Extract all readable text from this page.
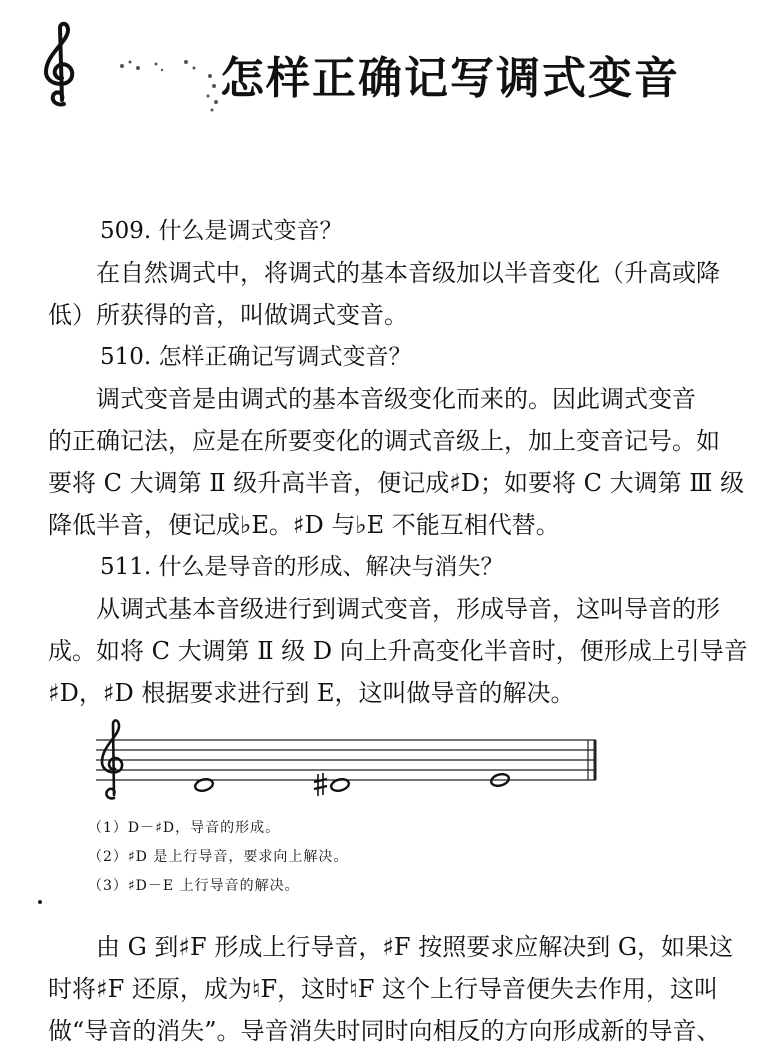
怎样正确记写调式变音

509. 什么是调式变音？

在自然调式中，将调式的基本音级加以半音变化（升高或降
低）所获得的音，叫做调式变音。

510. 怎样正确记写调式变音？

调式变音是由调式的基本音级变化而来的。因此调式变音
的正确记法，应是在所要变化的调式音级上，加上变音记号。如
要将 C 大调第 Ⅱ 级升高半音，便记成♯D；如要将 C 大调第 Ⅲ 级
降低半音，便记成♭E。♯D 与♭E 不能互相代替。

511. 什么是导音的形成、解决与消失？

从调式基本音级进行到调式变音，形成导音，这叫导音的形
成。如将 C 大调第 Ⅱ 级 D 向上升高变化半音时，便形成上引导音
♯D，♯D 根据要求进行到 E，这叫做导音的解决。

（1）D－♯D，导音的形成。
（2）♯D 是上行导音，要求向上解决。
（3）♯D－E 上行导音的解决。

由 G 到♯F 形成上行导音，♯F 按照要求应解决到 G，如果这
时将♯F 还原，成为♮F，这时♮F 这个上行导音便失去作用，这叫
做“导音的消失”。导音消失时同时向相反的方向形成新的导音、
